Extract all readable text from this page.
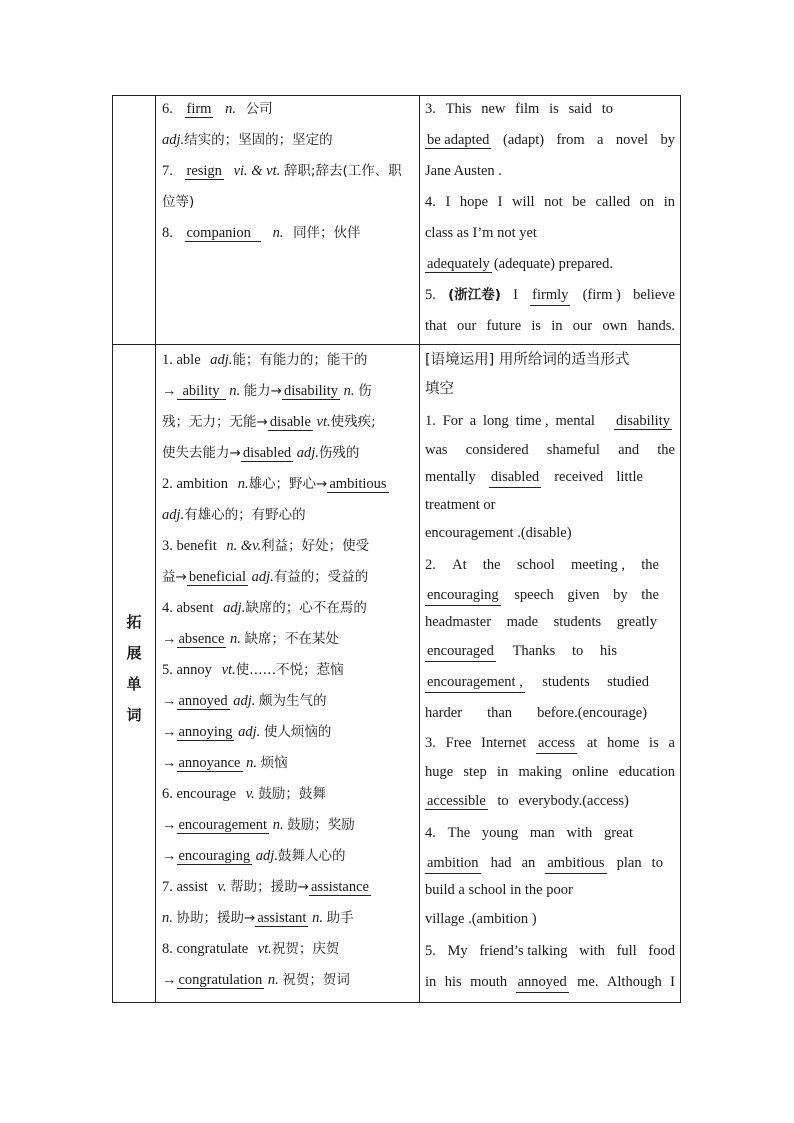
拓
展
单
词
6. firm n. 公司
adj.结实的；坚固的；坚定的
7. resign vi. & vt. 辞职;辞去(工作、职
位等)
8. companion n. 同伴；伙伴
3. This new film is said to
be adapted (adapt) from a novel by
Jane Austen .
4. I hope I will not be called on in
class as I’m not yet
adequately (adequate) prepared.
5. (浙江卷) I firmly (firm ) believe
that our future is in our own hands.
1. able adj.能；有能力的；能干的
→ ability n. 能力→ disability n. 伤
残；无力；无能→ disable vt.使残疾;
使失去能力→ disabled adj.伤残的
2. ambition n.雄心；野心→ ambitious
adj.有雄心的；有野心的
3. benefit n. &v.利益；好处；使受
益→ beneficial adj.有益的；受益的
4. absent adj.缺席的；心不在焉的
→ absence n. 缺席；不在某处
5. annoy vt.使……不悦；惹恼
→ annoyed adj. 颇为生气的
→ annoying adj. 使人烦恼的
→ annoyance n. 烦恼
6. encourage v. 鼓励；鼓舞
→ encouragement n. 鼓励；奖励
→ encouraging adj.鼓舞人心的
7. assist v. 帮助；援助→ assistance
n. 协助；援助→ assistant n. 助手
8. congratulate vt.祝贺；庆贺
→ congratulation n. 祝贺；贺词
[语境运用] 用所给词的适当形式
填空
1. For a long time , mental disability
was considered shameful and the
mentally disabled received little
treatment or
encouragement .(disable)
2. At the school meeting , the
encouraging speech given by the
headmaster made students greatly
encouraged Thanks to his
encouragement , students studied
harder than before.(encourage)
3. Free Internet access at home is a
huge step in making online education
accessible to everybody.(access)
4. The young man with great
ambition had an ambitious plan to
build a school in the poor
village .(ambition )
5. My friend’s talking with full food
in his mouth annoyed me. Although I
